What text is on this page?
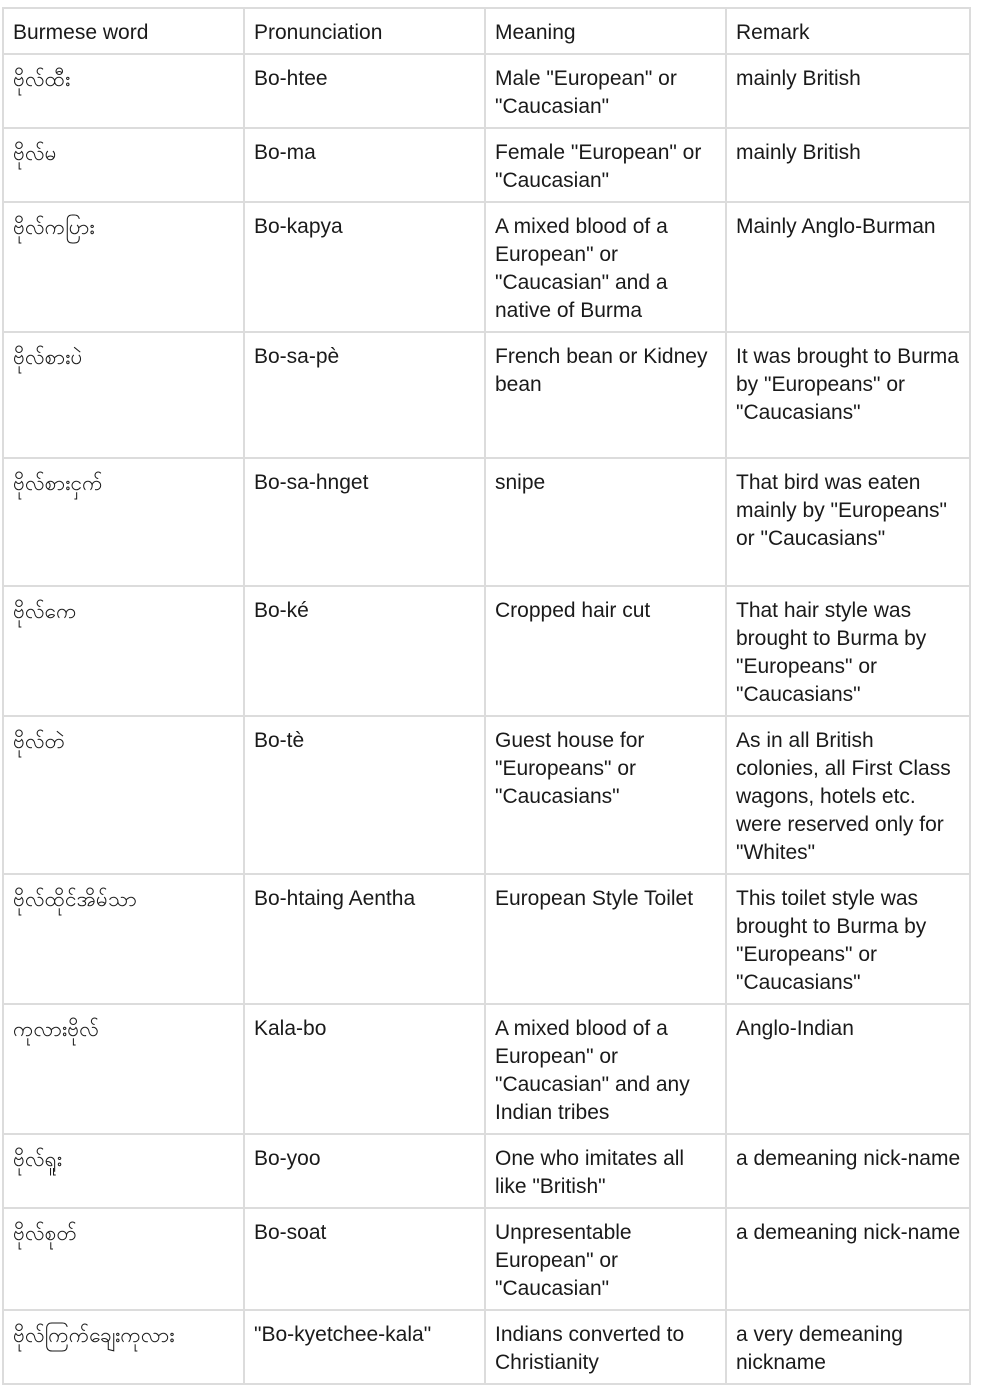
Burmese word	Pronunciation	Meaning	Remark
ဗိုလ်ထီး	Bo-htee	Male "European" or "Caucasian"	mainly British
ဗိုလ်မ	Bo-ma	Female "European" or "Caucasian"	mainly British
ဗိုလ်ကပြား	Bo-kapya	A mixed blood of a European" or "Caucasian" and a native of Burma	Mainly Anglo-Burman
ဗိုလ်စားပဲ	Bo-sa-pè	French bean or Kidney bean	It was brought to Burma by "Europeans" or "Caucasians"
ဗိုလ်စားငှက်	Bo-sa-hnget	snipe	That bird was eaten mainly by "Europeans" or "Caucasians"
ဗိုလ်ကေ	Bo-ké	Cropped hair cut	That hair style was brought to Burma by "Europeans" or "Caucasians"
ဗိုလ်တဲ	Bo-tè	Guest house for "Europeans" or "Caucasians"	As in all British colonies, all First Class wagons, hotels etc. were reserved only for "Whites"
ဗိုလ်ထိုင်အိမ်သာ	Bo-htaing Aentha	European Style Toilet	This toilet style was brought to Burma by "Europeans" or "Caucasians"
ကုလားဗိုလ်	Kala-bo	A mixed blood of a European" or "Caucasian" and any Indian tribes	Anglo-Indian
ဗိုလ်ရူး	Bo-yoo	One who imitates all like "British"	a demeaning nick-name
ဗိုလ်စုတ်	Bo-soat	Unpresentable European" or "Caucasian"	a demeaning nick-name
ဗိုလ်ကြက်ချေးကုလား	"Bo-kyetchee-kala"	Indians converted to Christianity	a very demeaning nickname
